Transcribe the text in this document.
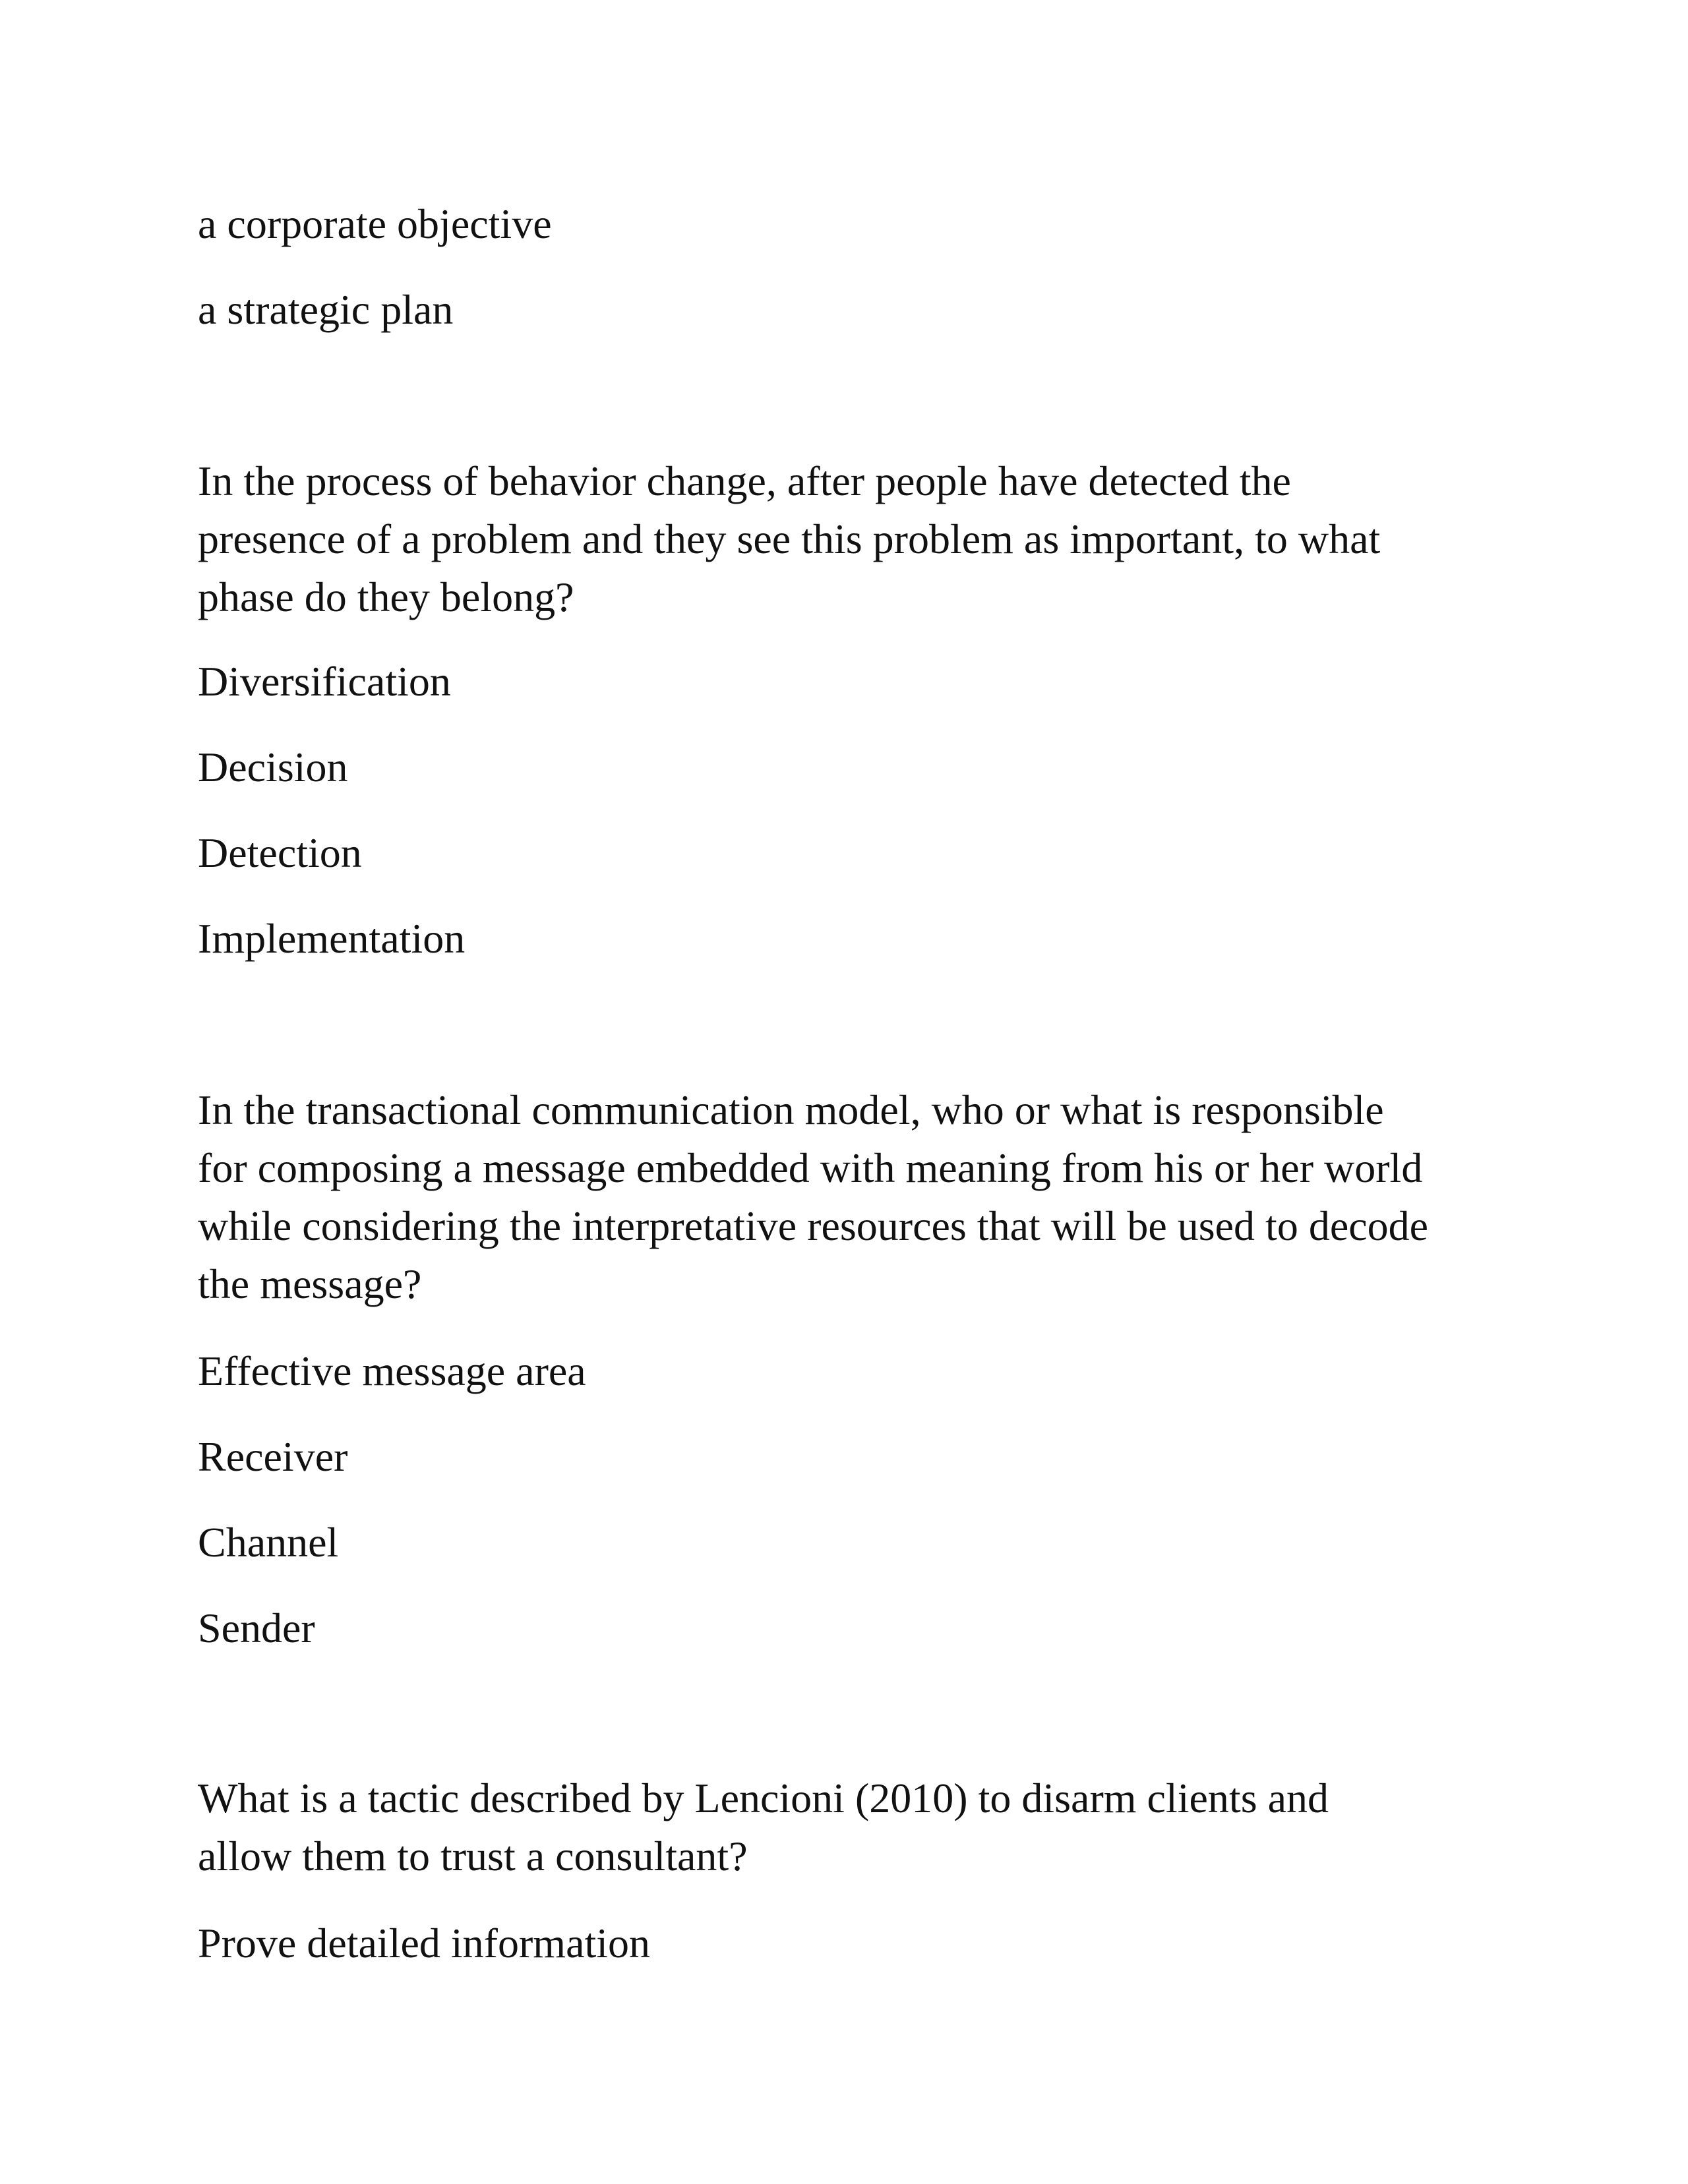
a corporate objective

a strategic plan

In the process of behavior change, after people have detected the
presence of a problem and they see this problem as important, to what
phase do they belong?

Diversification

Decision

Detection

Implementation

In the transactional communication model, who or what is responsible
for composing a message embedded with meaning from his or her world
while considering the interpretative resources that will be used to decode
the message?

Effective message area

Receiver

Channel

Sender

What is a tactic described by Lencioni (2010) to disarm clients and
allow them to trust a consultant?

Prove detailed information
